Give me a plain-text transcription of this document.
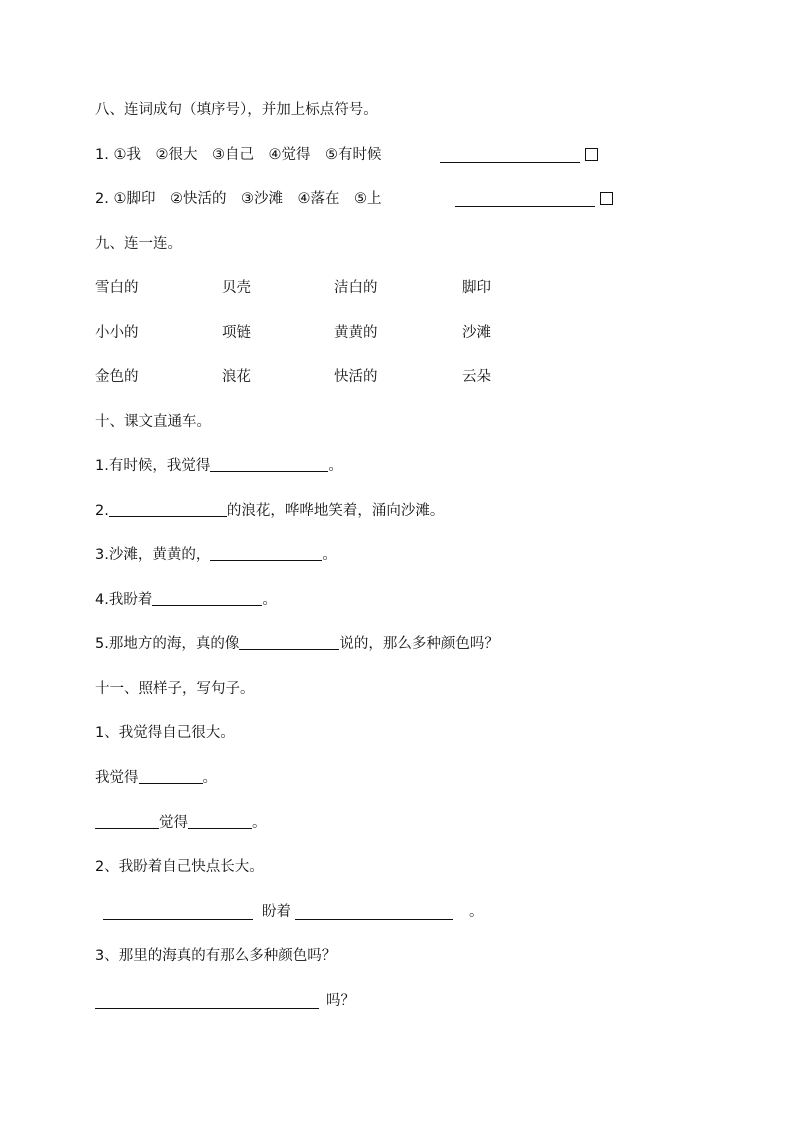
八、连词成句（填序号），并加上标点符号。
1. ①我　②很大　③自己　④觉得　⑤有时候
2. ①脚印　②快活的　③沙滩　④落在　⑤上
九、连一连。
雪白的	贝壳	洁白的	脚印
小小的	项链	黄黄的	沙滩
金色的	浪花	快活的	云朵
十、课文直通车。
1.有时候，我觉得	。
2.	的浪花，哗哗地笑着，涌向沙滩。
3.沙滩，黄黄的，	。
4.我盼着	。
5.那地方的海，真的像	说的，那么多种颜色吗？
十一、照样子，写句子。
1、我觉得自己很大。
我觉得	。
觉得	。
2、我盼着自己快点长大。
盼着	。
3、那里的海真的有那么多种颜色吗？
吗？
